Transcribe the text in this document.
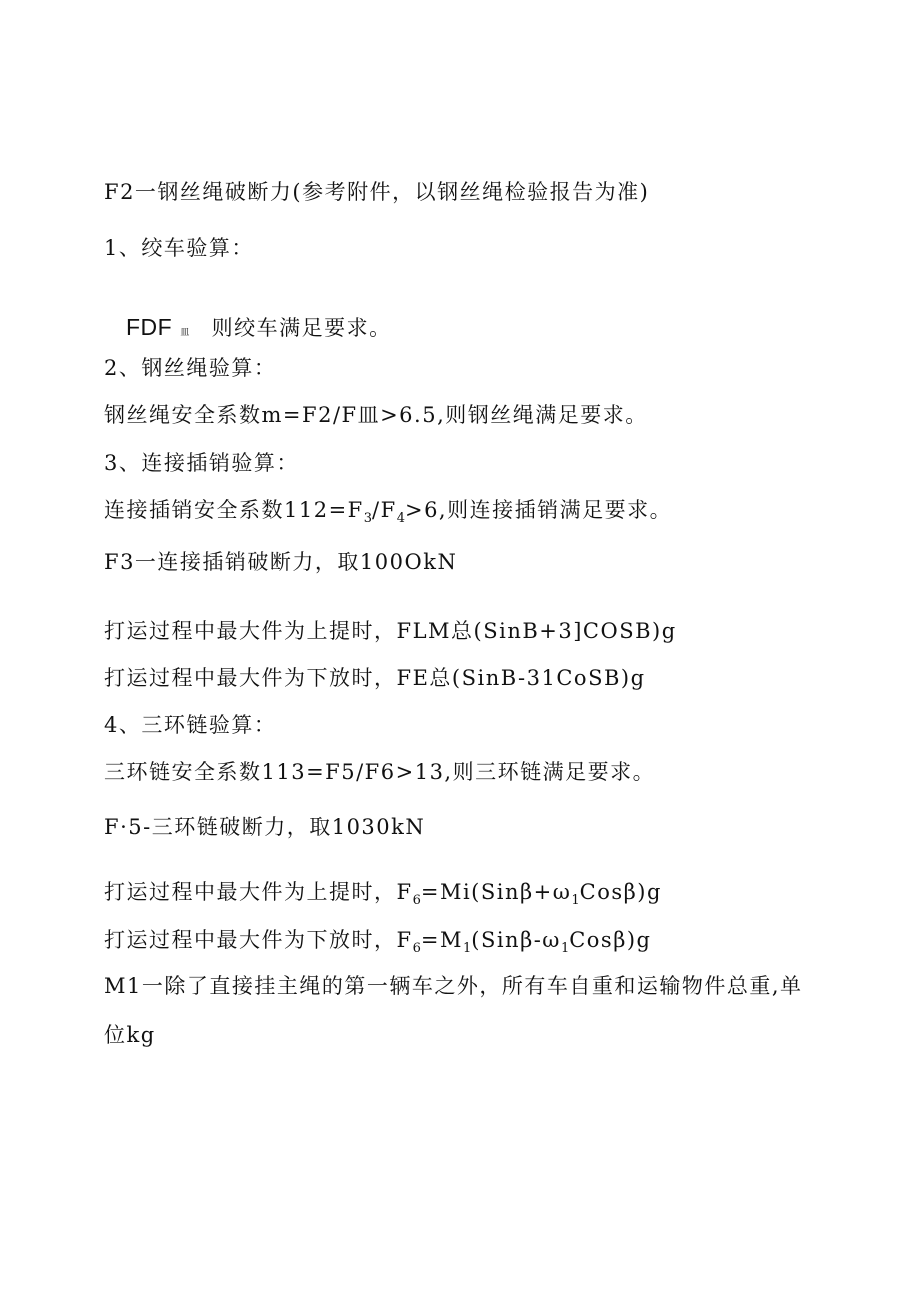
F2一钢丝绳破断力(参考附件，以钢丝绳检验报告为准)
1、绞车验算：
FDF 皿 则绞车满足要求。
2、钢丝绳验算：
钢丝绳安全系数m=F2/F皿>6.5,则钢丝绳满足要求。
3、连接插销验算：
连接插销安全系数$112=F_3/F_4>6$,则连接插销满足要求。
F3一连接插销破断力，取100OkN
打运过程中最大件为上提时，FLM总(SinB+3]COSB)g
打运过程中最大件为下放时，FE总(SinB-31CoSB)g
4、三环链验算：
三环链安全系数113=F5/F6>13,则三环链满足要求。
F·5-三环链破断力，取1030kN
打运过程中最大件为上提时，$F_6=Mi(Sin\beta+\omega_1Cos\beta)g$
打运过程中最大件为下放时，$F_6=M_1(Sin\beta-\omega_1Cos\beta)g$
M1一除了直接挂主绳的第一辆车之外，所有车自重和运输物件总重,单
位kg
